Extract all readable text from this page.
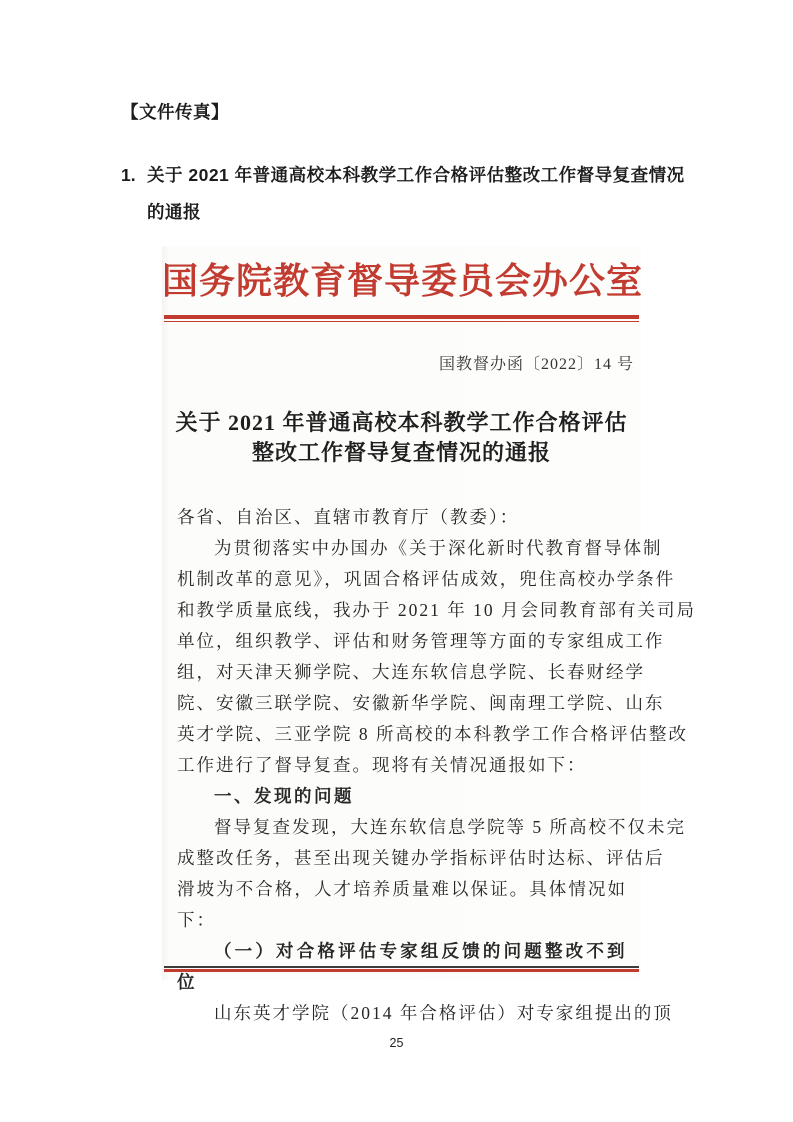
【文件传真】
1. 关于 2021 年普通高校本科教学工作合格评估整改工作督导复查情况的通报
国务院教育督导委员会办公室
国教督办函〔2022〕14 号
关于 2021 年普通高校本科教学工作合格评估
整改工作督导复查情况的通报
各省、自治区、直辖市教育厅（教委）：
为贯彻落实中办国办《关于深化新时代教育督导体制
机制改革的意见》，巩固合格评估成效，兜住高校办学条件
和教学质量底线，我办于 2021 年 10 月会同教育部有关司局
单位，组织教学、评估和财务管理等方面的专家组成工作
组，对天津天狮学院、大连东软信息学院、长春财经学
院、安徽三联学院、安徽新华学院、闽南理工学院、山东
英才学院、三亚学院 8 所高校的本科教学工作合格评估整改
工作进行了督导复查。现将有关情况通报如下：
一、发现的问题
督导复查发现，大连东软信息学院等 5 所高校不仅未完
成整改任务，甚至出现关键办学指标评估时达标、评估后
滑坡为不合格，人才培养质量难以保证。具体情况如下：
（一）对合格评估专家组反馈的问题整改不到位
山东英才学院（2014 年合格评估）对专家组提出的顶
25
